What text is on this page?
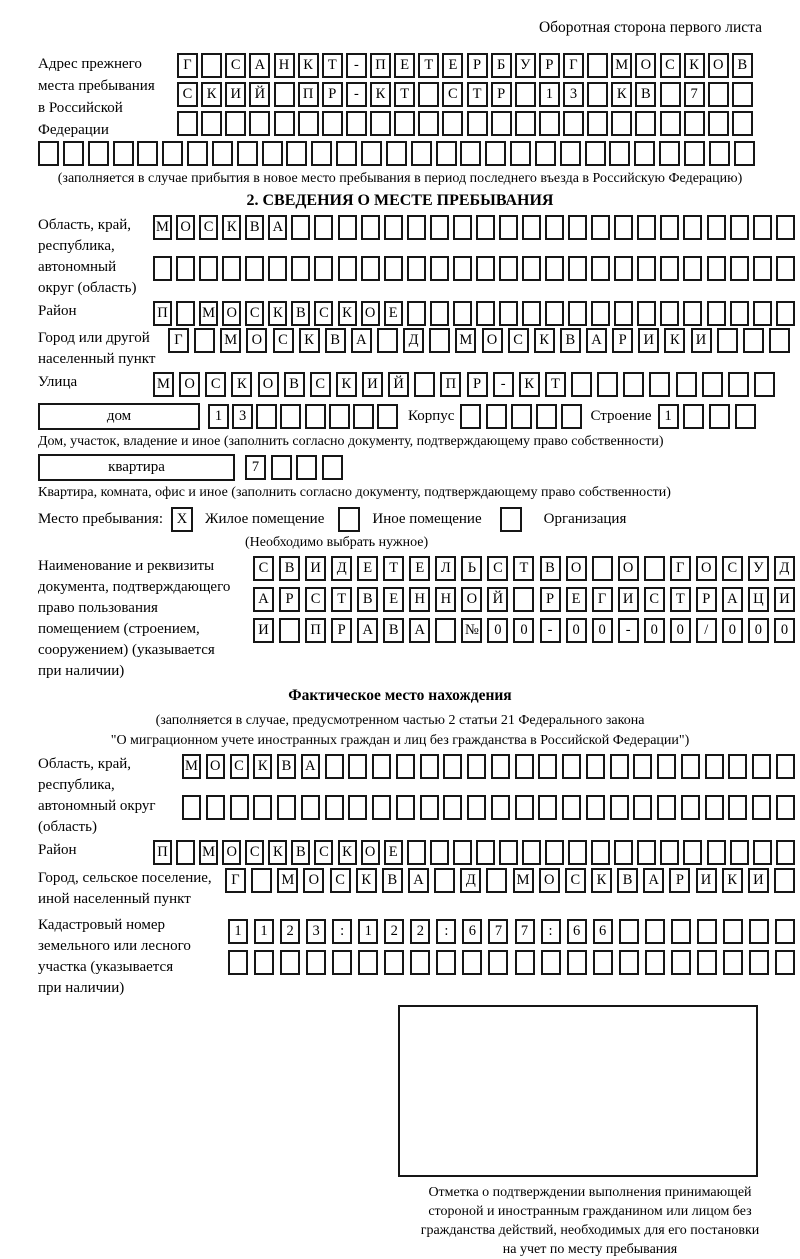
Оборотная сторона первого листа
Адрес прежнего
места пребывания
в Российской
Федерации
Г	С А Н К	Т	-	П Е	Т	Е	Р	Б	У	Р	Г	М О С К О В
С К И Й	П	Р	-	К	Т	С	Т	Р	1	3	К В	7
(заполняется в случае прибытия в новое место пребывания в период последнего въезда в Российскую Федерацию)
2. СВЕДЕНИЯ О МЕСТЕ ПРЕБЫВАНИЯ
Область, край,
республика,
автономный
округ (область)
М О С К В А
Район	П М О С К В С К О Е
Город или другой
населенный пункт
Г	М О	С	К	В	А	Д	М О	С	К	В	А	Р	И	К	И
Улица	М О	С	К	О	В	С	К	И	Й	П	Р	-	К	Т
дом	1	3	Корпус	Строение 1
Дом, участок, владение и иное (заполнить согласно документу, подтверждающему право собственности)
квартира	7
Квартира, комната, офис и иное (заполнить согласно документу, подтверждающему право собственности)
Место пребывания: X	Жилое помещение	Иное помещение	Организация
(Необходимо выбрать нужное)
Наименование и реквизиты
документа, подтверждающего
право пользования
помещением (строением,
сооружением) (указывается
при наличии)
С	В	И	Д	Е	Т	Е	Л	Ь	С	Т	В	О	О	Г	О	С	У	Д
А	Р	С	Т	В	Е	Н	Н	О	Й	Р	Е	Г	И	С	Т	Р	А	Ц	И
И	П	Р	А	В	А	№	0	0	-	0	0	-	0	0	/	0	0	0
Фактическое место нахождения
(заполняется в случае, предусмотренном частью 2 статьи 21 Федерального закона
"О миграционном учете иностранных граждан и лиц без гражданства в Российской Федерации")
Область, край,
республика,
автономный округ
(область)
М О С К В А
Район	П М О С К В С К О Е
Город, сельское поселение,
иной населенный пункт
Г	М О	С	К	В	А	Д	М О	С	К	В	А	Р	И	К	И
Кадастровый номер
земельного или лесного
участка (указывается
при наличии)
1	1	2	3	:	1	2	2	:	6	7	7	:	6	6
Отметка о подтверждении выполнения принимающей
стороной и иностранным гражданином или лицом без
гражданства действий, необходимых для его постановки
на учет по месту пребывания
